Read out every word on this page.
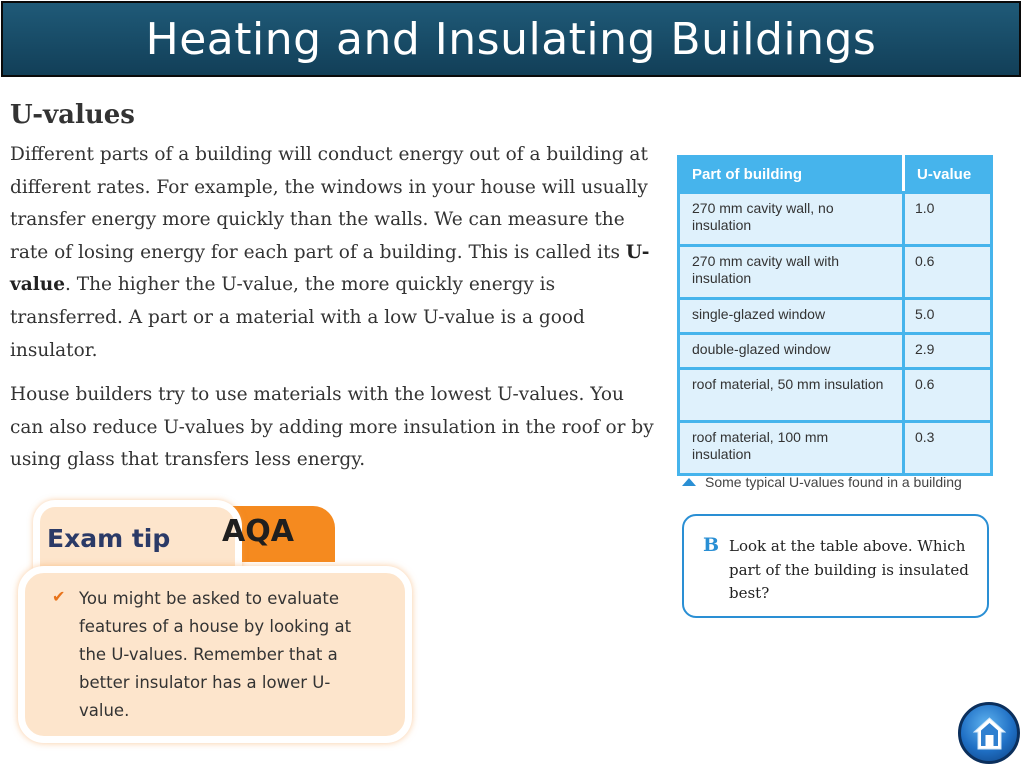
Heating and Insulating Buildings
U-values

Different parts of a building will conduct energy out of a building at different rates. For example, the windows in your house will usually transfer energy more quickly than the walls. We can measure the rate of losing energy for each part of a building. This is called its U-value. The higher the U-value, the more quickly energy is transferred. A part or a material with a low U-value is a good insulator.

House builders try to use materials with the lowest U-values. You can also reduce U-values by adding more insulation in the roof or by using glass that transfers less energy.

Part of building	U-value
270 mm cavity wall, no insulation	1.0
270 mm cavity wall with insulation	0.6
single-glazed window	5.0
double-glazed window	2.9
roof material, 50 mm insulation	0.6
roof material, 100 mm insulation	0.3
Some typical U-values found in a building
B Look at the table above. Which part of the building is insulated best?
Exam tip AQA
✔ You might be asked to evaluate features of a house by looking at the U-values. Remember that a better insulator has a lower U-value.
